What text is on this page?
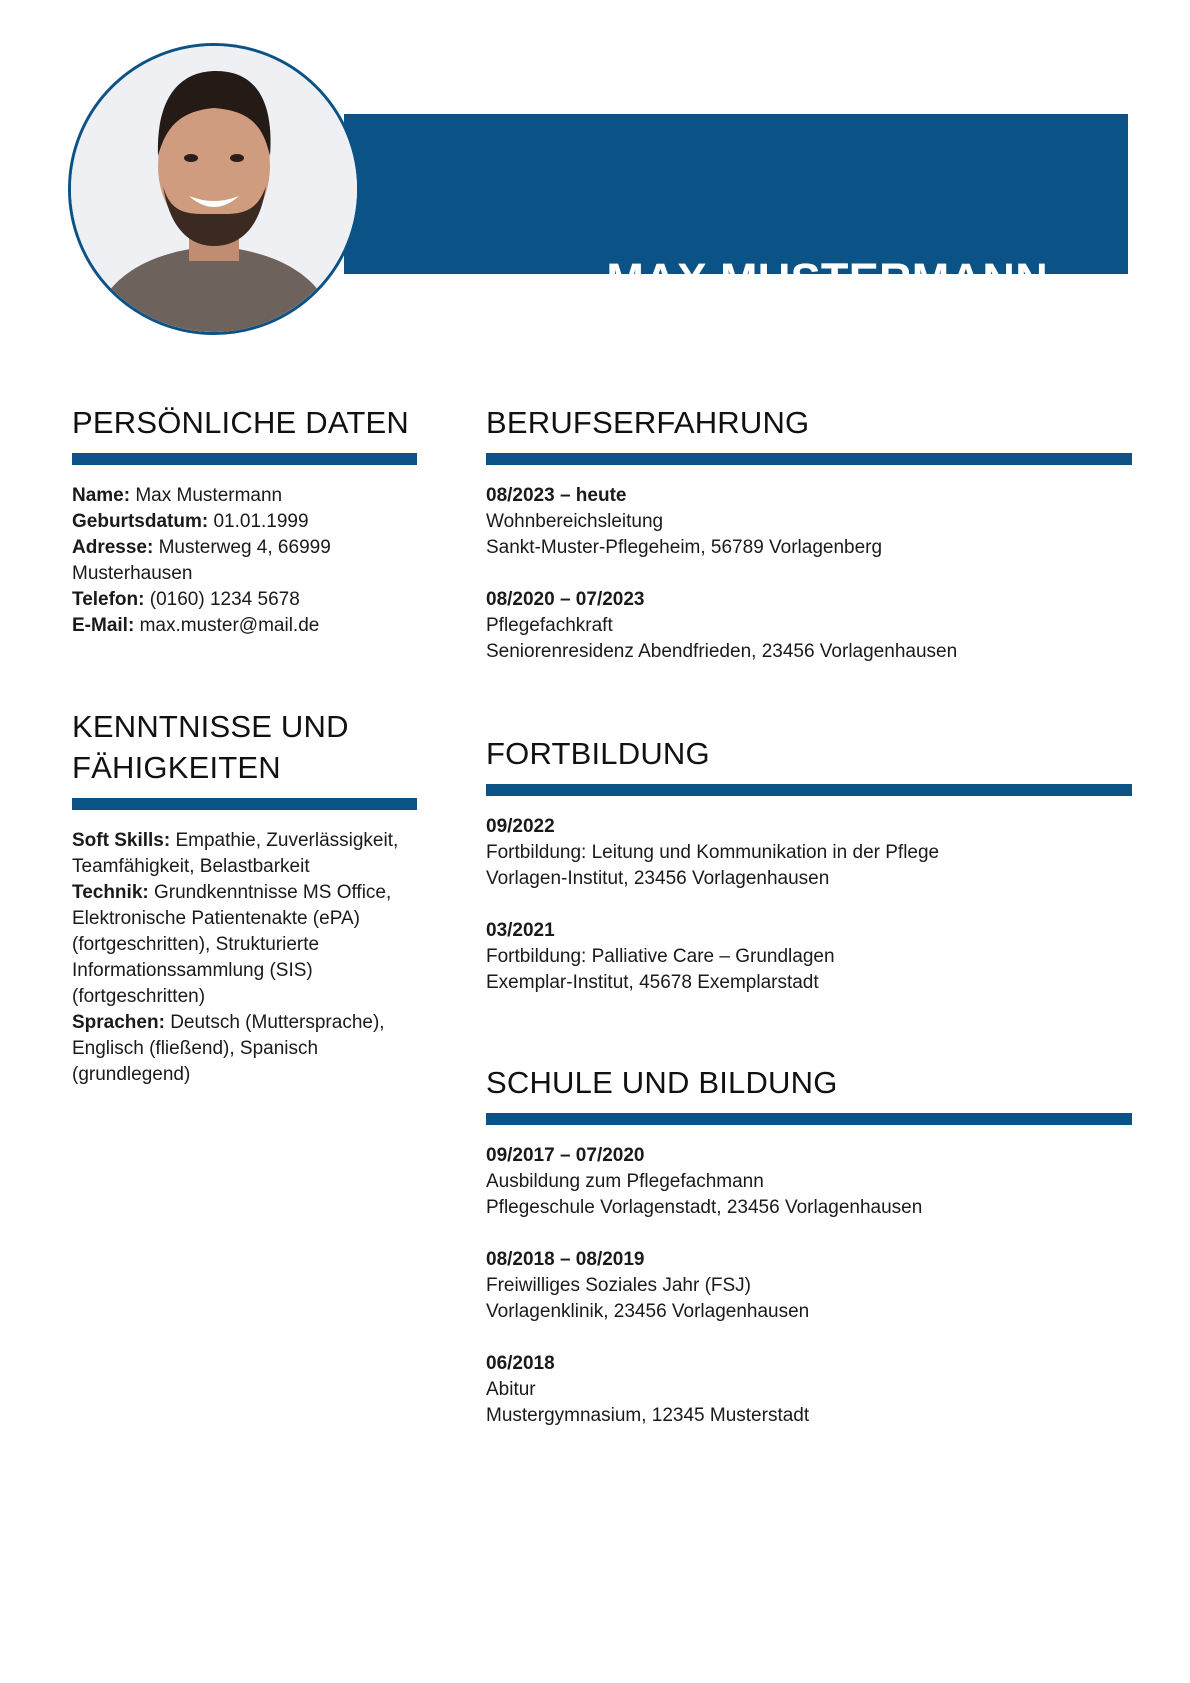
MAX MUSTERMANN
WOHNBEREICHSLEITUNG
PERSÖNLICHE DATEN
Name: Max Mustermann
Geburtsdatum: 01.01.1999
Adresse: Musterweg 4, 66999 Musterhausen
Telefon: (0160) 1234 5678
E-Mail: max.muster@mail.de
KENNTNISSE UND FÄHIGKEITEN
Soft Skills: Empathie, Zuverlässigkeit, Teamfähigkeit, Belastbarkeit
Technik: Grundkenntnisse MS Office, Elektronische Patientenakte (ePA) (fortgeschritten), Strukturierte Informationssammlung (SIS) (fortgeschritten)
Sprachen: Deutsch (Muttersprache), Englisch (fließend), Spanisch (grundlegend)
BERUFSERFAHRUNG
08/2023 – heute
Wohnbereichsleitung
Sankt-Muster-Pflegeheim, 56789 Vorlagenberg
08/2020 – 07/2023
Pflegefachkraft
Seniorenresidenz Abendfrieden, 23456 Vorlagenhausen
FORTBILDUNG
09/2022
Fortbildung: Leitung und Kommunikation in der Pflege
Vorlagen-Institut, 23456 Vorlagenhausen
03/2021
Fortbildung: Palliative Care – Grundlagen
Exemplar-Institut, 45678 Exemplarstadt
SCHULE UND BILDUNG
09/2017 – 07/2020
Ausbildung zum Pflegefachmann
Pflegeschule Vorlagenstadt, 23456 Vorlagenhausen
08/2018 – 08/2019
Freiwilliges Soziales Jahr (FSJ)
Vorlagenklinik, 23456 Vorlagenhausen
06/2018
Abitur
Mustergymnasium, 12345 Musterstadt
